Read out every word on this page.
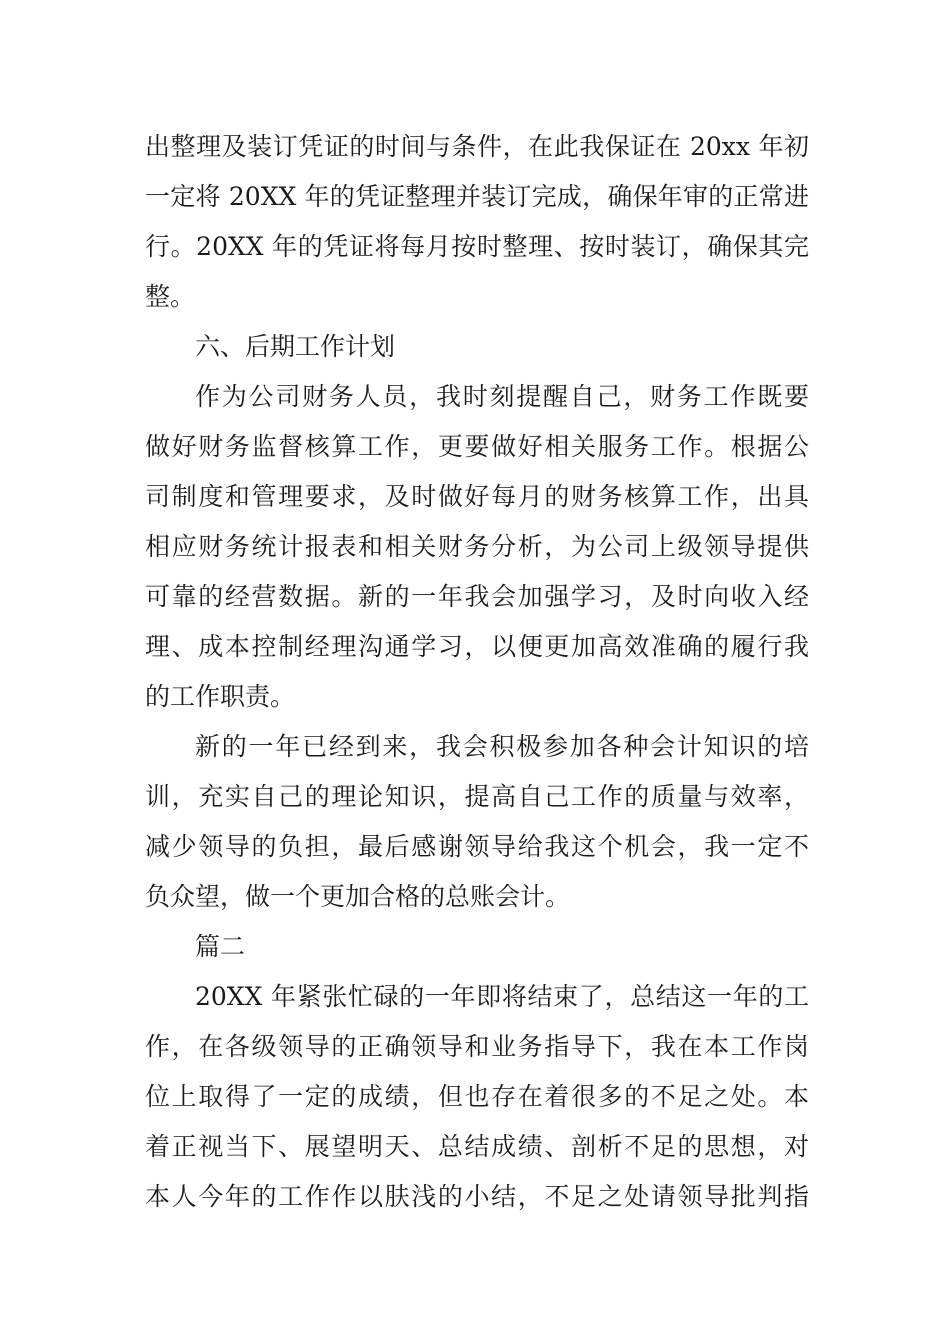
出整理及装订凭证的时间与条件，在此我保证在 20xx 年初
一定将 20XX 年的凭证整理并装订完成，确保年审的正常进
行。20XX 年的凭证将每月按时整理、按时装订，确保其完
整。
六、后期工作计划
作为公司财务人员，我时刻提醒自己，财务工作既要
做好财务监督核算工作，更要做好相关服务工作。根据公
司制度和管理要求，及时做好每月的财务核算工作，出具
相应财务统计报表和相关财务分析，为公司上级领导提供
可靠的经营数据。新的一年我会加强学习，及时向收入经
理、成本控制经理沟通学习，以便更加高效准确的履行我
的工作职责。
新的一年已经到来，我会积极参加各种会计知识的培
训，充实自己的理论知识，提高自己工作的质量与效率，
减少领导的负担，最后感谢领导给我这个机会，我一定不
负众望，做一个更加合格的总账会计。
篇二
20XX 年紧张忙碌的一年即将结束了，总结这一年的工
作，在各级领导的正确领导和业务指导下，我在本工作岗
位上取得了一定的成绩，但也存在着很多的不足之处。本
着正视当下、展望明天、总结成绩、剖析不足的思想，对
本人今年的工作作以肤浅的小结，不足之处请领导批判指
